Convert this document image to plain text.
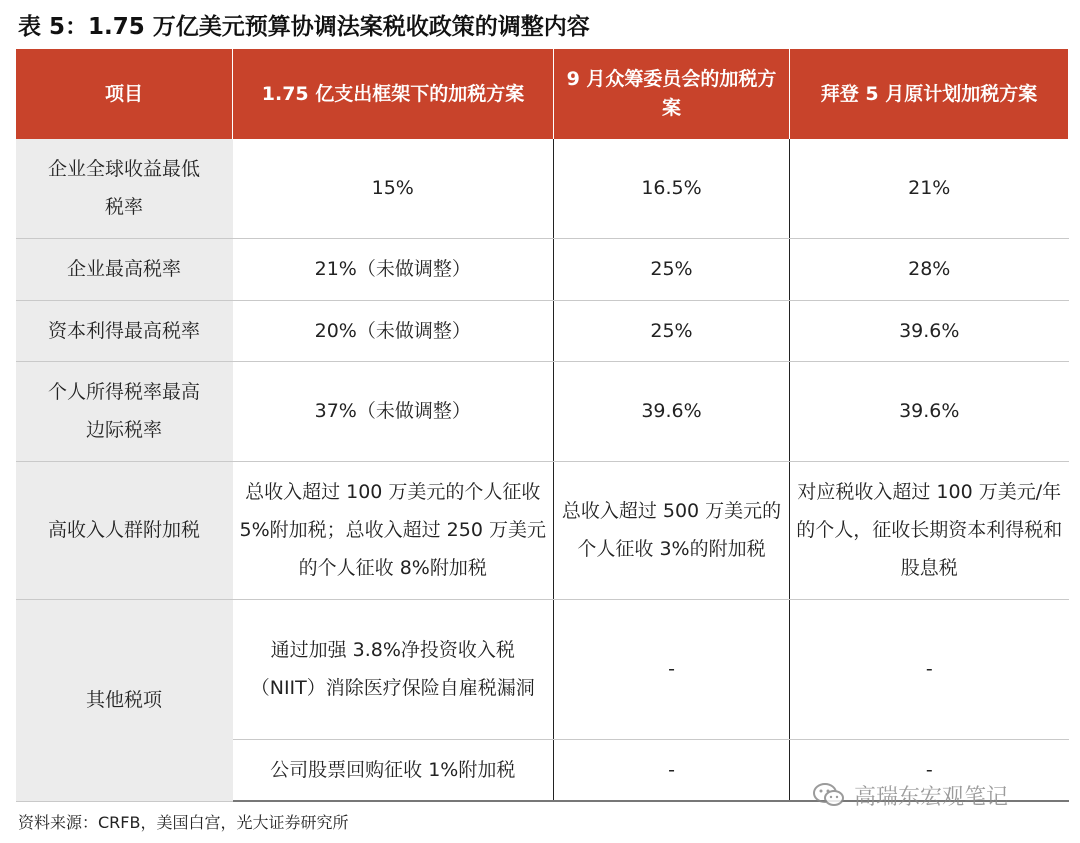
表 5：1.75 万亿美元预算协调法案税收政策的调整内容
项目	1.75 亿支出框架下的加税方案	9 月众筹委员会的加税方案	拜登 5 月原计划加税方案
企业全球收益最低税率	15%	16.5%	21%
企业最高税率	21%（未做调整）	25%	28%
资本利得最高税率	20%（未做调整）	25%	39.6%
个人所得税率最高边际税率	37%（未做调整）	39.6%	39.6%
高收入人群附加税	总收入超过 100 万美元的个人征收 5%附加税；总收入超过 250 万美元的个人征收 8%附加税	总收入超过 500 万美元的个人征收 3%的附加税	对应税收入超过 100 万美元/年的个人，征收长期资本利得税和股息税
其他税项	通过加强 3.8%净投资收入税（NIIT）消除医疗保险自雇税漏洞	-	-
	公司股票回购征收 1%附加税	-	-
高瑞东宏观笔记
资料来源：CRFB，美国白宫，光大证券研究所
